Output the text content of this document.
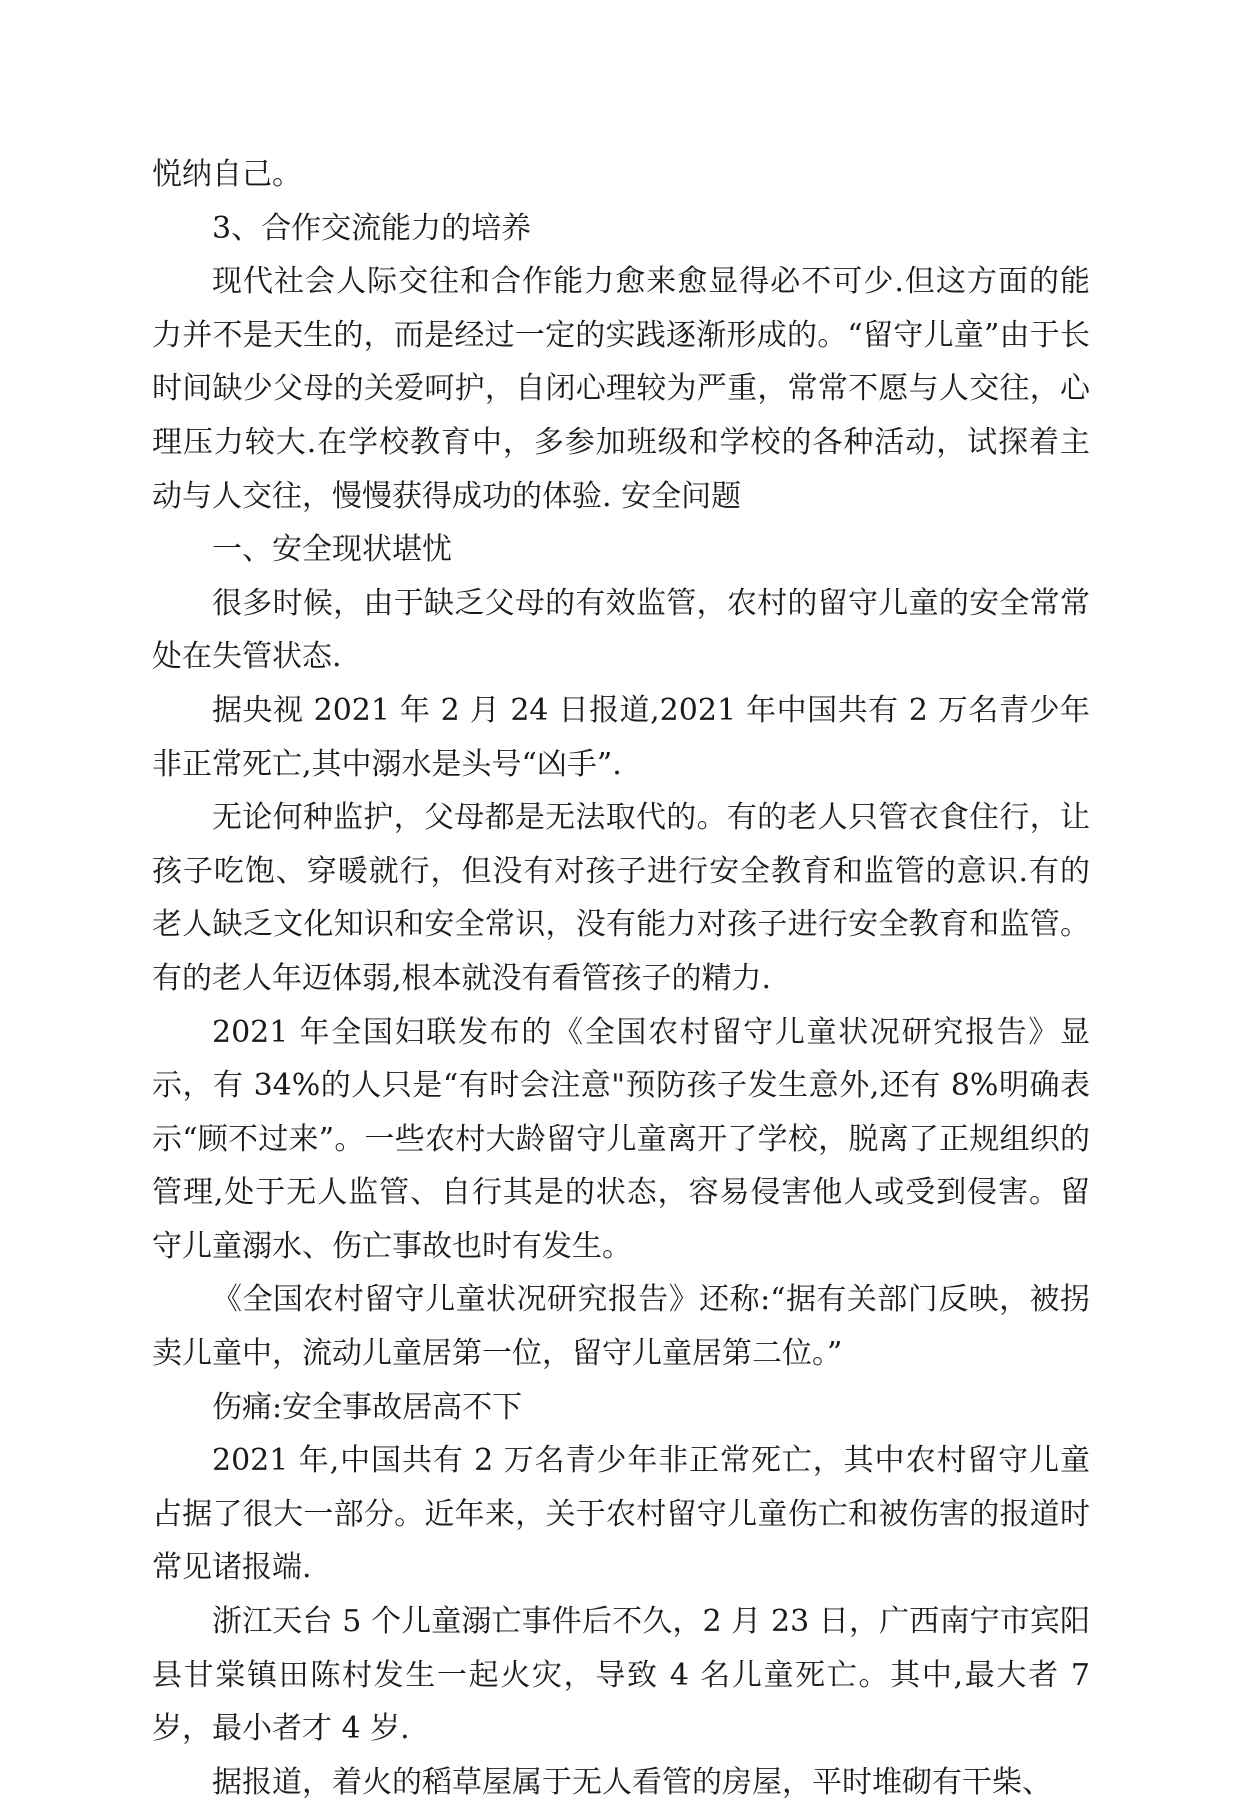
悦纳自己。

3、合作交流能力的培养

现代社会人际交往和合作能力愈来愈显得必不可少.但这方面的能力并不是天生的，而是经过一定的实践逐渐形成的。“留守儿童”由于长时间缺少父母的关爱呵护，自闭心理较为严重，常常不愿与人交往，心理压力较大.在学校教育中，多参加班级和学校的各种活动，试探着主动与人交往，慢慢获得成功的体验. 安全问题

一、安全现状堪忧

很多时候，由于缺乏父母的有效监管，农村的留守儿童的安全常常处在失管状态.

据央视 2021 年 2 月 24 日报道,2021 年中国共有 2 万名青少年非正常死亡,其中溺水是头号“凶手”.

无论何种监护，父母都是无法取代的。有的老人只管衣食住行，让孩子吃饱、穿暖就行，但没有对孩子进行安全教育和监管的意识.有的老人缺乏文化知识和安全常识，没有能力对孩子进行安全教育和监管。有的老人年迈体弱,根本就没有看管孩子的精力.

2021 年全国妇联发布的《全国农村留守儿童状况研究报告》显示，有 34%的人只是“有时会注意"预防孩子发生意外,还有 8%明确表示“顾不过来”。一些农村大龄留守儿童离开了学校，脱离了正规组织的管理,处于无人监管、自行其是的状态，容易侵害他人或受到侵害。留守儿童溺水、伤亡事故也时有发生。

《全国农村留守儿童状况研究报告》还称:“据有关部门反映，被拐卖儿童中，流动儿童居第一位，留守儿童居第二位。”

伤痛:安全事故居高不下

2021 年,中国共有 2 万名青少年非正常死亡，其中农村留守儿童占据了很大一部分。近年来，关于农村留守儿童伤亡和被伤害的报道时常见诸报端.

浙江天台 5 个儿童溺亡事件后不久，2 月 23 日，广西南宁市宾阳县甘棠镇田陈村发生一起火灾，导致 4 名儿童死亡。其中,最大者 7 岁，最小者才 4 岁.

据报道，着火的稻草屋属于无人看管的房屋，平时堆砌有干柴、
